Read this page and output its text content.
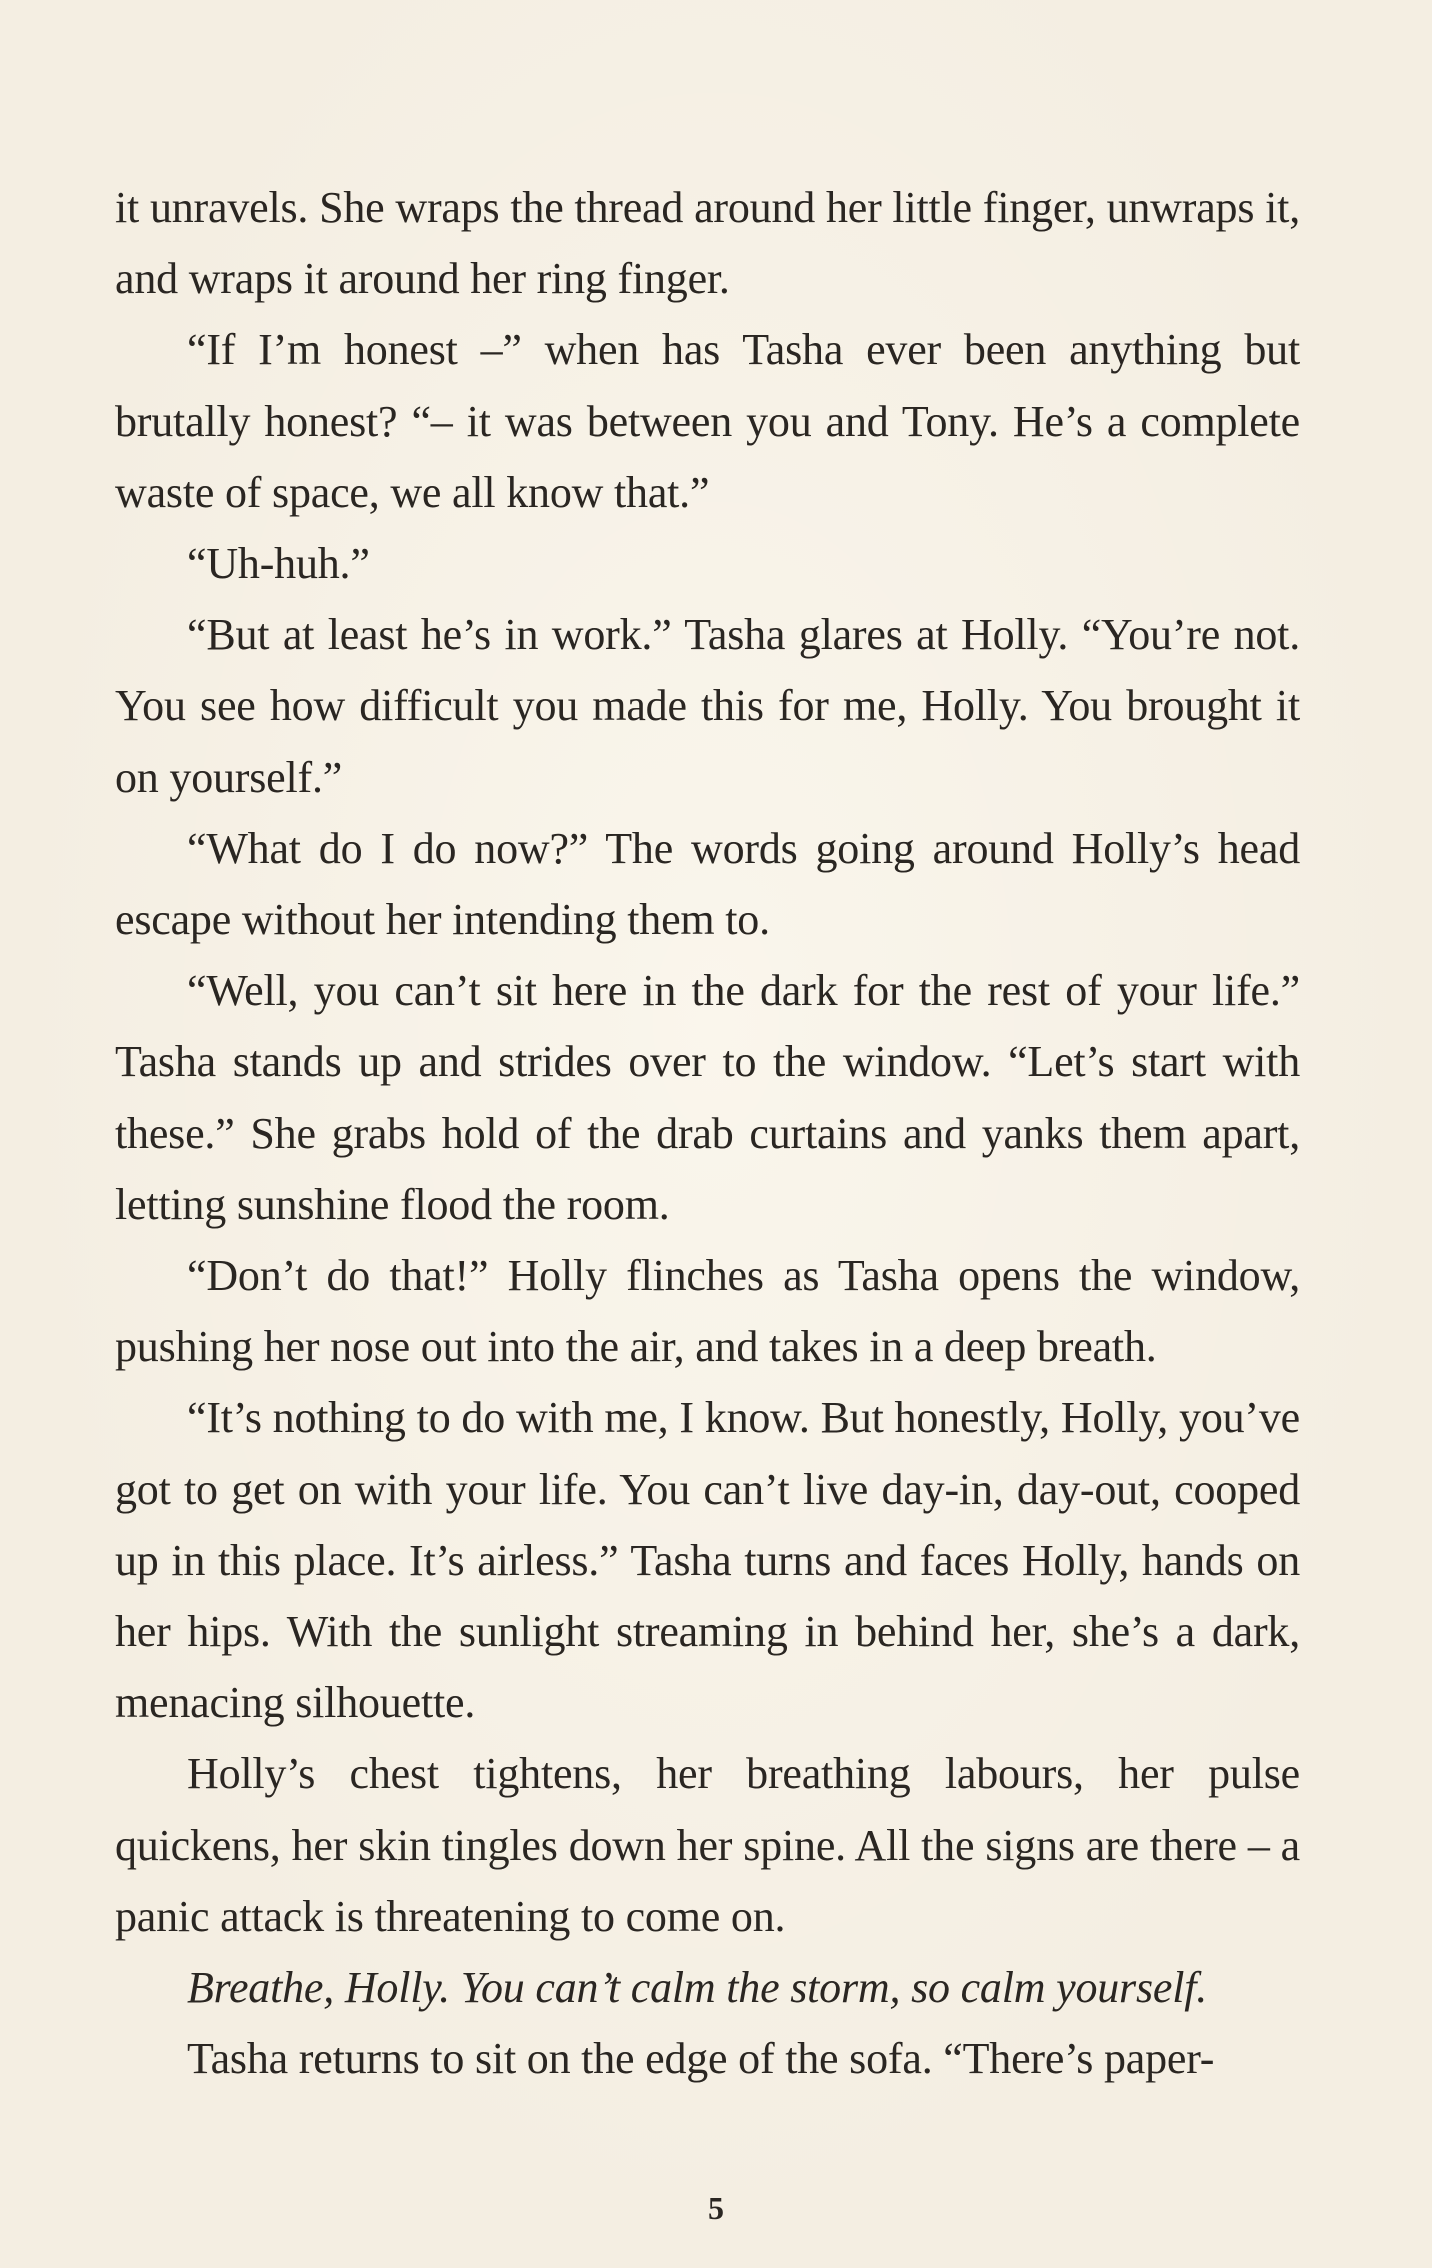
it unravels. She wraps the thread around her little finger, unwraps it, and wraps it around her ring finger.

“If I’m honest –” when has Tasha ever been anything but brutally honest? “– it was between you and Tony. He’s a complete waste of space, we all know that.”

“Uh-huh.”

“But at least he’s in work.” Tasha glares at Holly. “You’re not. You see how difficult you made this for me, Holly. You brought it on yourself.”

“What do I do now?” The words going around Holly’s head escape without her intending them to.

“Well, you can’t sit here in the dark for the rest of your life.” Tasha stands up and strides over to the window. “Let’s start with these.” She grabs hold of the drab curtains and yanks them apart, letting sunshine flood the room.

“Don’t do that!” Holly flinches as Tasha opens the window, pushing her nose out into the air, and takes in a deep breath.

“It’s nothing to do with me, I know. But honestly, Holly, you’ve got to get on with your life. You can’t live day-in, day-out, cooped up in this place. It’s airless.” Tasha turns and faces Holly, hands on her hips. With the sunlight streaming in behind her, she’s a dark, menacing silhouette.

Holly’s chest tightens, her breathing labours, her pulse quickens, her skin tingles down her spine. All the signs are there – a panic attack is threatening to come on.

Breathe, Holly. You can’t calm the storm, so calm yourself.

Tasha returns to sit on the edge of the sofa. “There’s paper-

5
